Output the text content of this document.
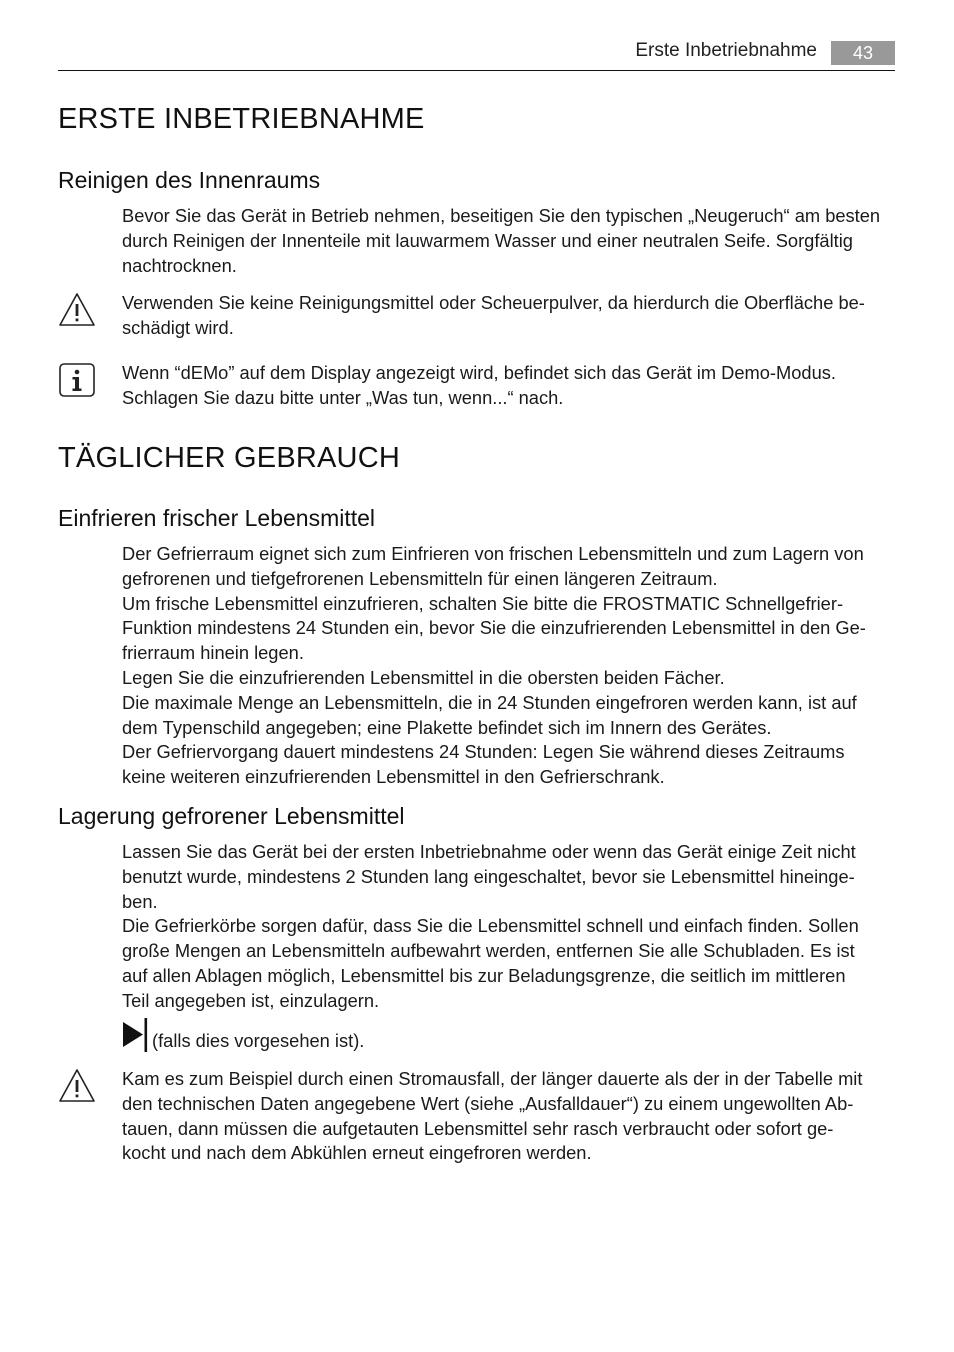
Erste Inbetriebnahme	43
ERSTE INBETRIEBNAHME
Reinigen des Innenraums

Bevor Sie das Gerät in Betrieb nehmen, beseitigen Sie den typischen „Neugeruch“ am besten
durch Reinigen der Innenteile mit lauwarmem Wasser und einer neutralen Seife. Sorgfältig
nachtrocknen.

Verwenden Sie keine Reinigungsmittel oder Scheuerpulver, da hierdurch die Oberfläche be-
schädigt wird.

Wenn “dEMo” auf dem Display angezeigt wird, befindet sich das Gerät im Demo-Modus.
Schlagen Sie dazu bitte unter „Was tun, wenn...“ nach.

TÄGLICHER GEBRAUCH
Einfrieren frischer Lebensmittel

Der Gefrierraum eignet sich zum Einfrieren von frischen Lebensmitteln und zum Lagern von
gefrorenen und tiefgefrorenen Lebensmitteln für einen längeren Zeitraum.
Um frische Lebensmittel einzufrieren, schalten Sie bitte die FROSTMATIC Schnellgefrier-
Funktion mindestens 24 Stunden ein, bevor Sie die einzufrierenden Lebensmittel in den Ge-
frierraum hinein legen.
Legen Sie die einzufrierenden Lebensmittel in die obersten beiden Fächer.
Die maximale Menge an Lebensmitteln, die in 24 Stunden eingefroren werden kann, ist auf
dem Typenschild angegeben; eine Plakette befindet sich im Innern des Gerätes.
Der Gefriervorgang dauert mindestens 24 Stunden: Legen Sie während dieses Zeitraums
keine weiteren einzufrierenden Lebensmittel in den Gefrierschrank.

Lagerung gefrorener Lebensmittel

Lassen Sie das Gerät bei der ersten Inbetriebnahme oder wenn das Gerät einige Zeit nicht
benutzt wurde, mindestens 2 Stunden lang eingeschaltet, bevor sie Lebensmittel hineinge-
ben.
Die Gefrierkörbe sorgen dafür, dass Sie die Lebensmittel schnell und einfach finden. Sollen
große Mengen an Lebensmitteln aufbewahrt werden, entfernen Sie alle Schubladen. Es ist
auf allen Ablagen möglich, Lebensmittel bis zur Beladungsgrenze, die seitlich im mittleren
Teil angegeben ist, einzulagern.

(falls dies vorgesehen ist).

Kam es zum Beispiel durch einen Stromausfall, der länger dauerte als der in der Tabelle mit
den technischen Daten angegebene Wert (siehe „Ausfalldauer“) zu einem ungewollten Ab-
tauen, dann müssen die aufgetauten Lebensmittel sehr rasch verbraucht oder sofort ge-
kocht und nach dem Abkühlen erneut eingefroren werden.
